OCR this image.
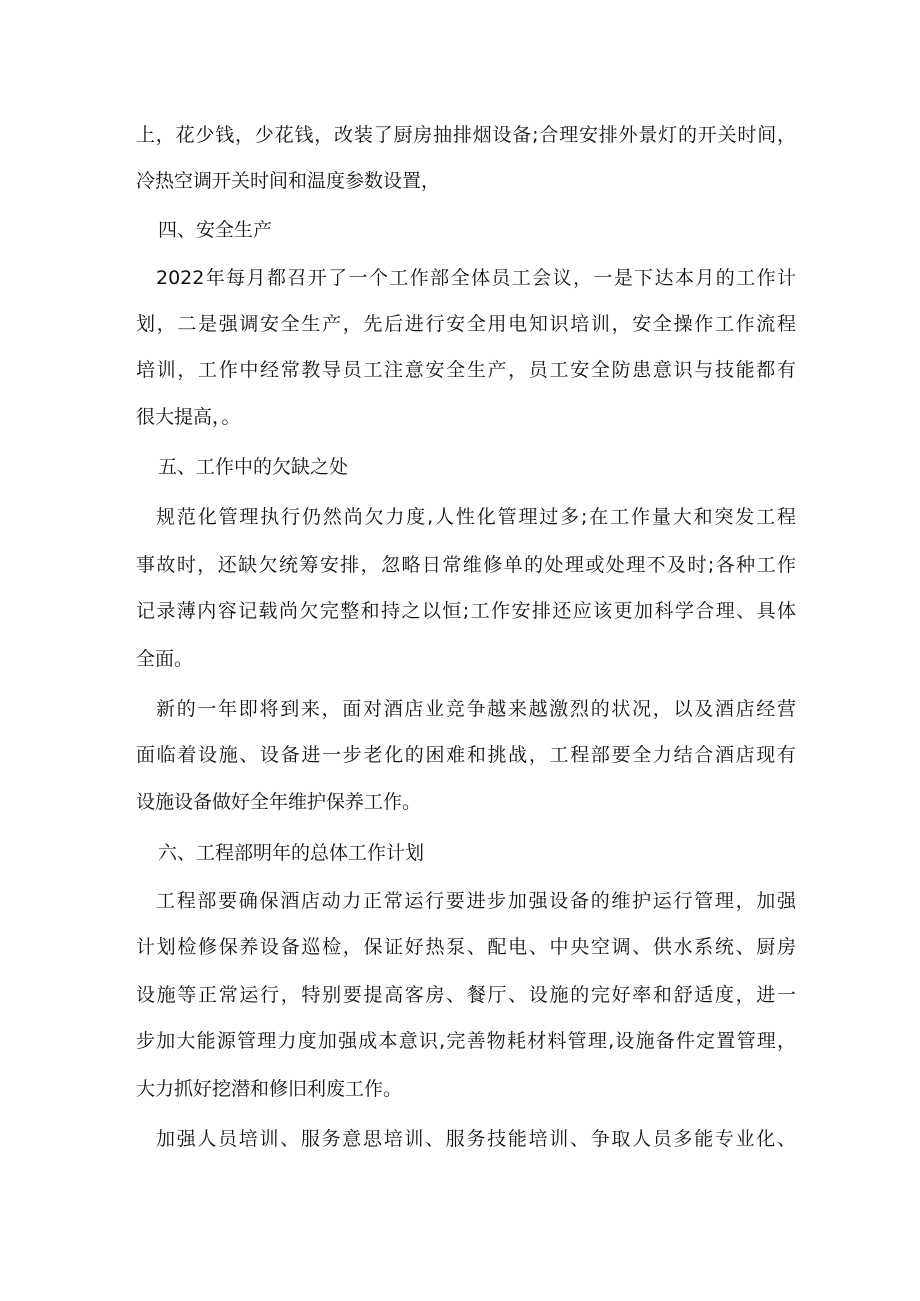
上，花少钱，少花钱，改装了厨房抽排烟设备;合理安排外景灯的开关时间，
冷热空调开关时间和温度参数设置，
四、安全生产
2022年每月都召开了一个工作部全体员工会议，一是下达本月的工作计
划，二是强调安全生产，先后进行安全用电知识培训，安全操作工作流程
培训，工作中经常教导员工注意安全生产，员工安全防患意识与技能都有
很大提高，。
五、工作中的欠缺之处
规范化管理执行仍然尚欠力度,人性化管理过多;在工作量大和突发工程
事故时，还缺欠统筹安排，忽略日常维修单的处理或处理不及时;各种工作
记录薄内容记载尚欠完整和持之以恒;工作安排还应该更加科学合理、具体
全面。
新的一年即将到来，面对酒店业竞争越来越激烈的状况，以及酒店经营
面临着设施、设备进一步老化的困难和挑战，工程部要全力结合酒店现有
设施设备做好全年维护保养工作。
六、工程部明年的总体工作计划
工程部要确保酒店动力正常运行要进步加强设备的维护运行管理，加强
计划检修保养设备巡检，保证好热泵、配电、中央空调、供水系统、厨房
设施等正常运行，特别要提高客房、餐厅、设施的完好率和舒适度，进一
步加大能源管理力度加强成本意识,完善物耗材料管理,设施备件定置管理，
大力抓好挖潜和修旧利废工作。
加强人员培训、服务意思培训、服务技能培训、争取人员多能专业化、
